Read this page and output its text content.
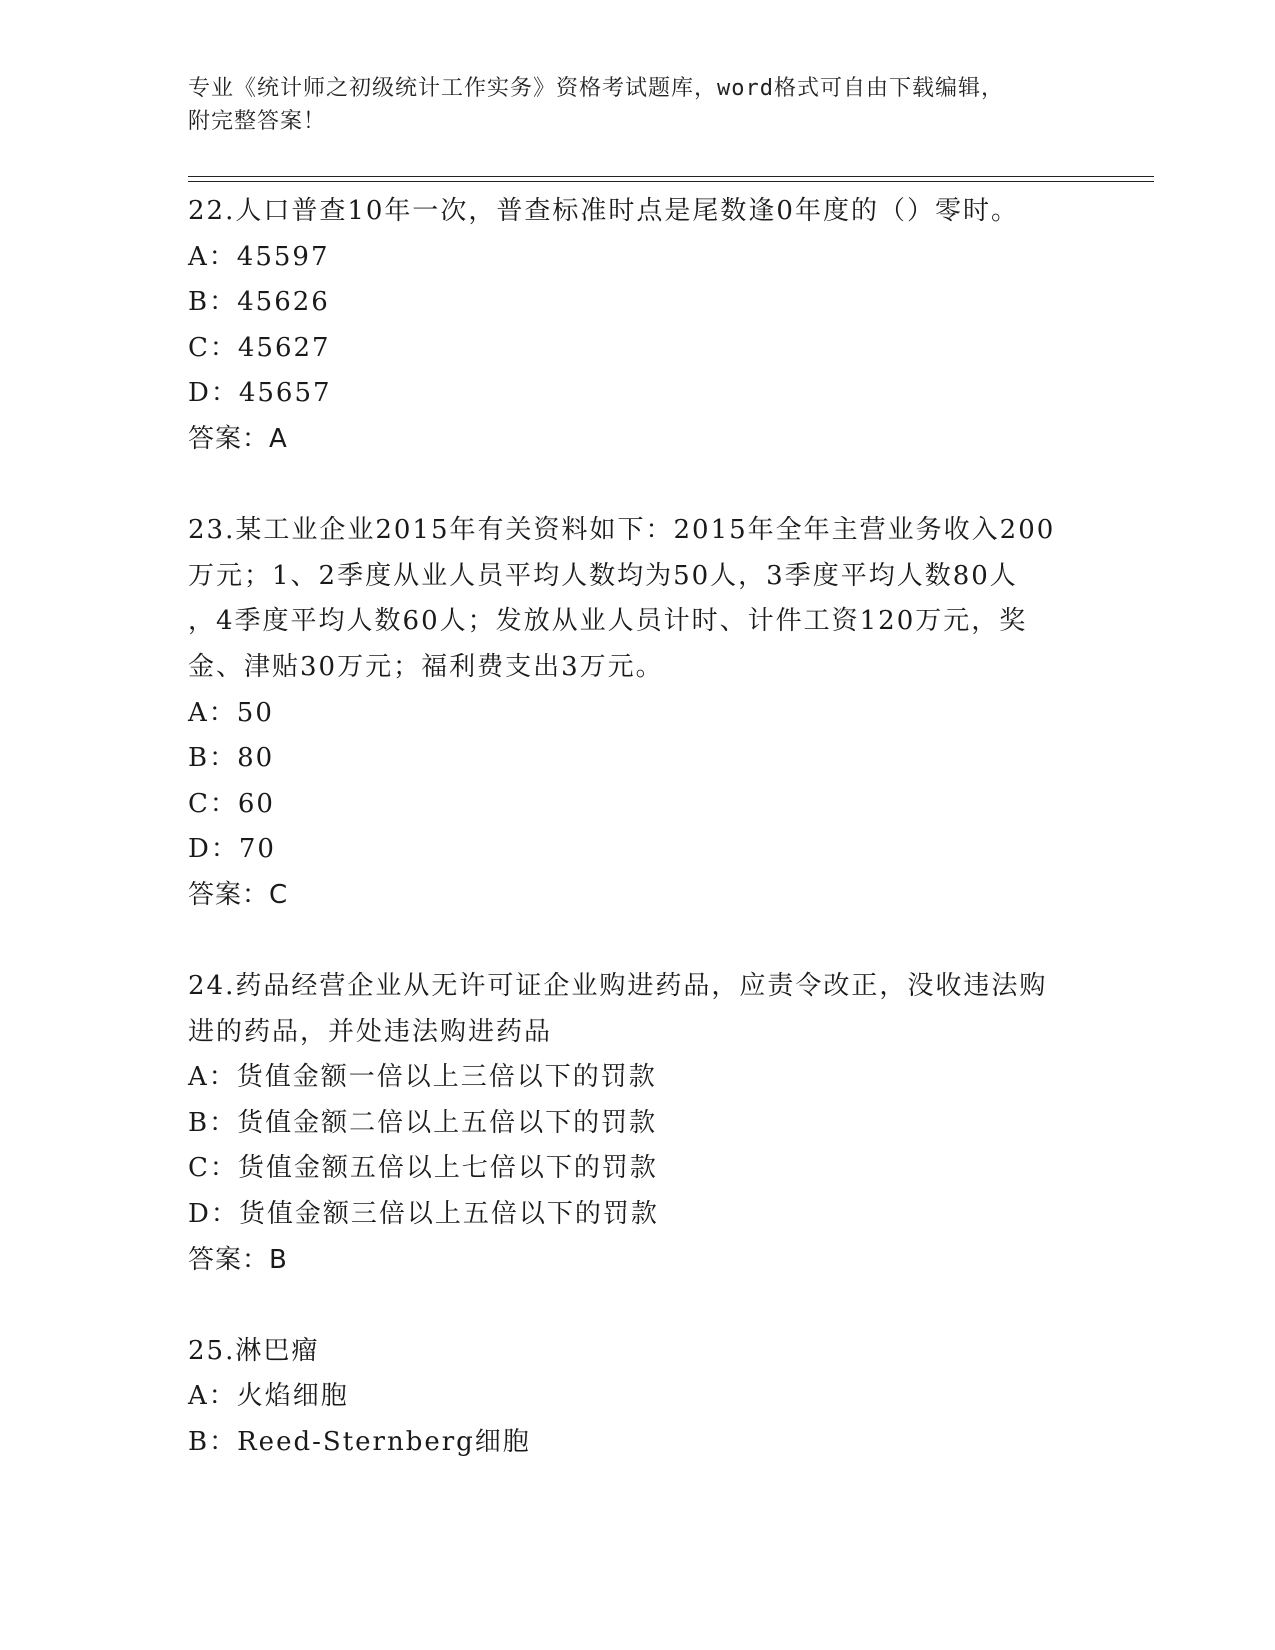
专业《统计师之初级统计工作实务》资格考试题库，word格式可自由下载编辑，
附完整答案！
22.人口普查10年一次，普查标准时点是尾数逢0年度的（）零时。
A：45597
B：45626
C：45627
D：45657
答案：A
23.某工业企业2015年有关资料如下：2015年全年主营业务收入200
万元；1、2季度从业人员平均人数均为50人，3季度平均人数80人
，4季度平均人数60人；发放从业人员计时、计件工资120万元，奖
金、津贴30万元；福利费支出3万元。
A：50
B：80
C：60
D：70
答案：C
24.药品经营企业从无许可证企业购进药品，应责令改正，没收违法购
进的药品，并处违法购进药品
A：货值金额一倍以上三倍以下的罚款
B：货值金额二倍以上五倍以下的罚款
C：货值金额五倍以上七倍以下的罚款
D：货值金额三倍以上五倍以下的罚款
答案：B
25.淋巴瘤
A：火焰细胞
B：Reed-Sternberg细胞
